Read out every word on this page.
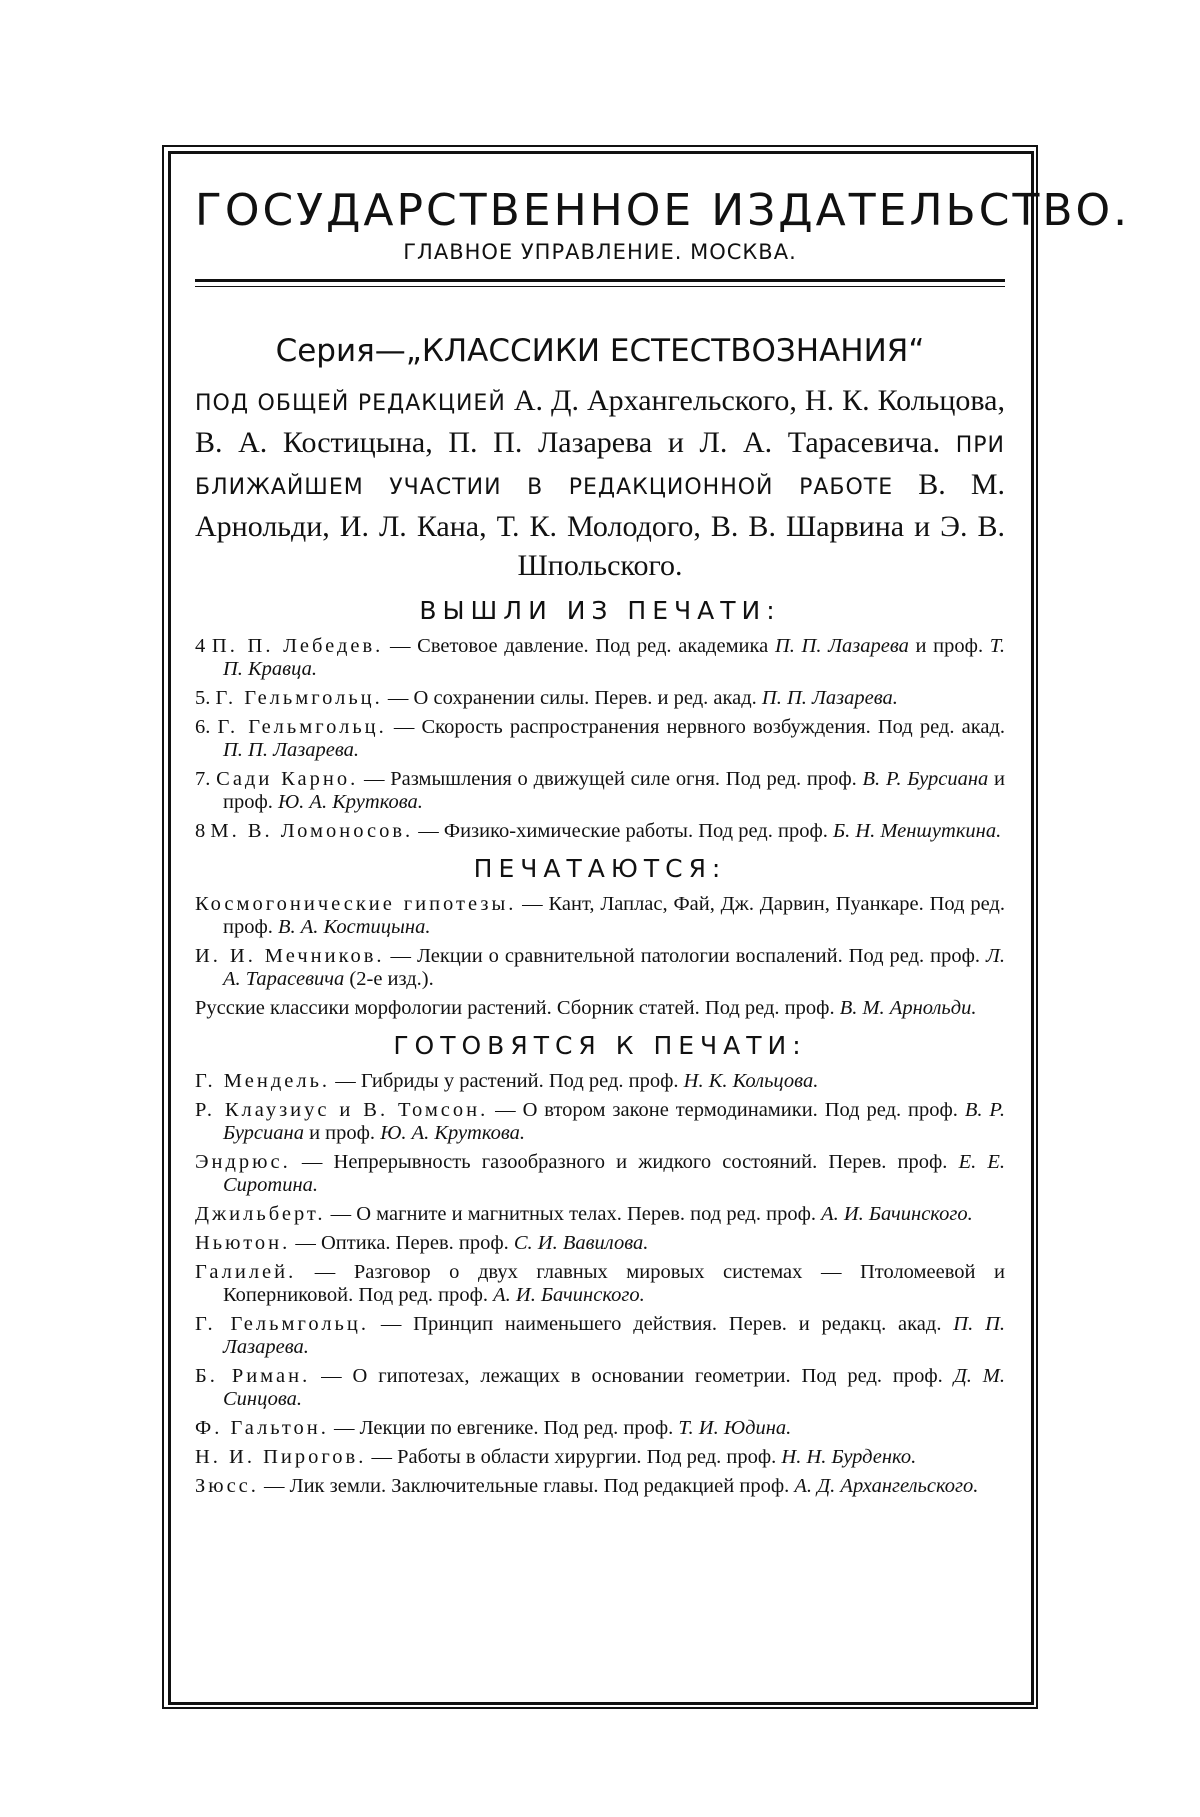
ГОСУДАРСТВЕННОЕ ИЗДАТЕЛЬСТВО.
ГЛАВНОЕ УПРАВЛЕНИЕ. МОСКВА.
Серия—„КЛАССИКИ ЕСТЕСТВОЗНАНИЯ“
ПОД ОБЩЕЙ РЕДАКЦИЕЙ А. Д. Архангельского, Н. К. Кольцова, В. А. Костицына, П. П. Лазарева и Л. А. Тарасевича. ПРИ БЛИЖАЙШЕМ УЧАСТИИ В РЕДАКЦИОННОЙ РАБОТЕ В. М. Арнольди, И. Л. Кана, Т. К. Молодого, В. В. Шарвина и Э. В. Шпольского.
ВЫШЛИ ИЗ ПЕЧАТИ:
4 П. П. Лебедев. — Световое давление. Под ред. академика П. П. Лазарева и проф. Т. П. Кравца.
5. Г. Гельмгольц. — О сохранении силы. Перев. и ред. акад. П. П. Лазарева.
6. Г. Гельмгольц. — Скорость распространения нервного возбуждения. Под ред. акад. П. П. Лазарева.
7. Сади Карно. — Размышления о движущей силе огня. Под ред. проф. В. Р. Бурсиана и проф. Ю. А. Круткова.
8 М. В. Ломоносов. — Физико-химические работы. Под ред. проф. Б. Н. Меншуткина.
ПЕЧАТАЮТСЯ:
Космогонические гипотезы. — Кант, Лаплас, Фай, Дж. Дарвин, Пуанкаре. Под ред. проф. В. А. Костицына.
И. И. Мечников. — Лекции о сравнительной патологии воспалений. Под ред. проф. Л. А. Тарасевича (2-е изд.).
Русские классики морфологии растений. Сборник статей. Под ред. проф. В. М. Арнольди.
ГОТОВЯТСЯ К ПЕЧАТИ:
Г. Мендель. — Гибриды у растений. Под ред. проф. Н. К. Кольцова.
Р. Клаузиус и В. Томсон. — О втором законе термодинамики. Под ред. проф. В. Р. Бурсиана и проф. Ю. А. Круткова.
Эндрюс. — Непрерывность газообразного и жидкого состояний. Перев. проф. Е. Е. Сиротина.
Джильберт. — О магните и магнитных телах. Перев. под ред. проф. А. И. Бачинского.
Ньютон. — Оптика. Перев. проф. С. И. Вавилова.
Галилей. — Разговор о двух главных мировых системах — Птоломеевой и Коперниковой. Под ред. проф. А. И. Бачинского.
Г. Гельмгольц. — Принцип наименьшего действия. Перев. и редакц. акад. П. П. Лазарева.
Б. Риман. — О гипотезах, лежащих в основании геометрии. Под ред. проф. Д. М. Синцова.
Ф. Гальтон. — Лекции по евгенике. Под ред. проф. Т. И. Юдина.
Н. И. Пирогов. — Работы в области хирургии. Под ред. проф. Н. Н. Бурденко.
Зюсс. — Лик земли. Заключительные главы. Под редакцией проф. А. Д. Архангельского.
